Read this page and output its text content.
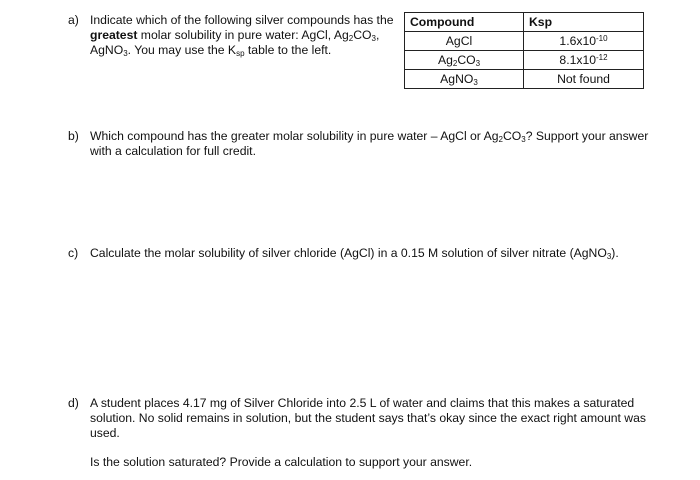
a) Indicate which of the following silver compounds has the greatest molar solubility in pure water: AgCl, $Ag_2CO_3$, AgNO$_3$. You may use the $K_{sp}$ table to the left.
Compound	Ksp
AgCl	$1.6x10^{-10}$
$Ag_2CO_3$	$8.1x10^{-12}$
AgNO$_3$	Not found
b) Which compound has the greater molar solubility in pure water – AgCl or $Ag_2CO_3$? Support your answer with a calculation for full credit.
c) Calculate the molar solubility of silver chloride (AgCl) in a 0.15 M solution of silver nitrate (AgNO$_3$).
d) A student places 4.17 mg of Silver Chloride into 2.5 L of water and claims that this makes a saturated solution. No solid remains in solution, but the student says that’s okay since the exact right amount was used.
Is the solution saturated? Provide a calculation to support your answer.
